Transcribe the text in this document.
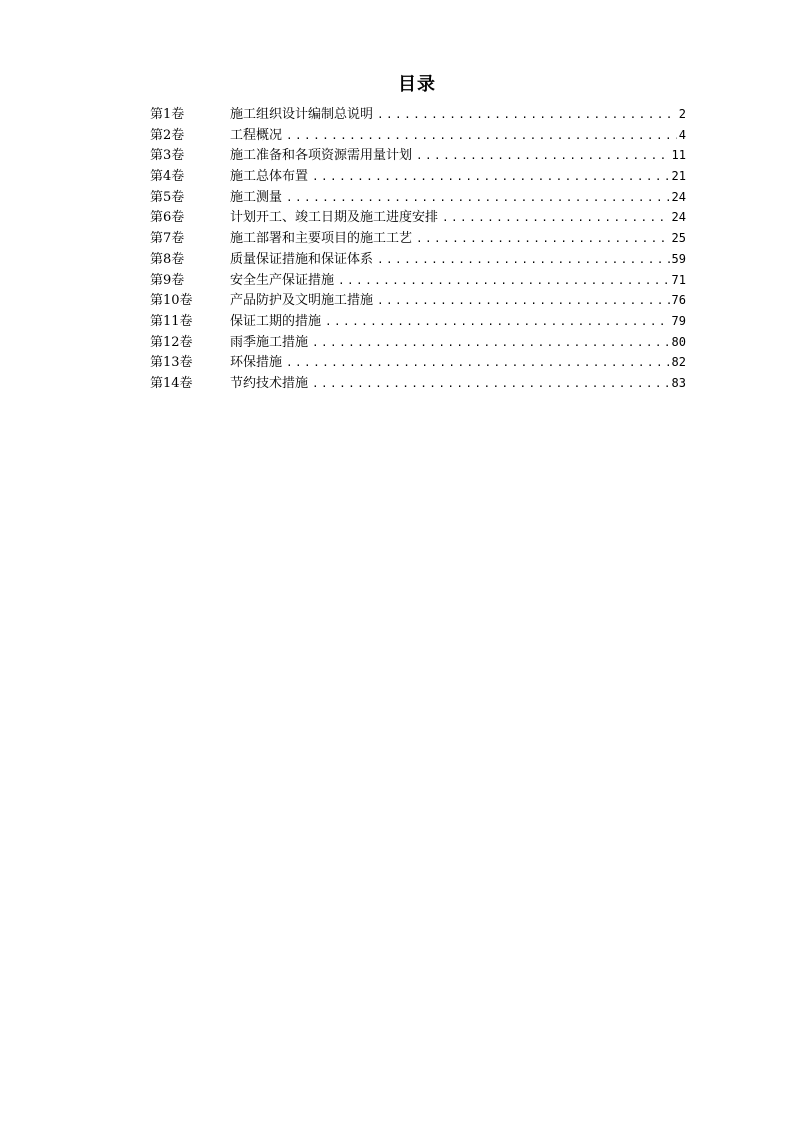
目录
第1卷	施工组织设计编制总说明 .....	2
第2卷	工程概况 .....	4
第3卷	施工准备和各项资源需用量计划 .....	11
第4卷	施工总体布置 .....	21
第5卷	施工测量 .....	24
第6卷	计划开工、竣工日期及施工进度安排 .....	24
第7卷	施工部署和主要项目的施工工艺 .....	25
第8卷	质量保证措施和保证体系 .....	59
第9卷	安全生产保证措施 .....	71
第10卷	产品防护及文明施工措施 .....	76
第11卷	保证工期的措施 .....	79
第12卷	雨季施工措施 .....	80
第13卷	环保措施 .....	82
第14卷	节约技术措施 .....	83
